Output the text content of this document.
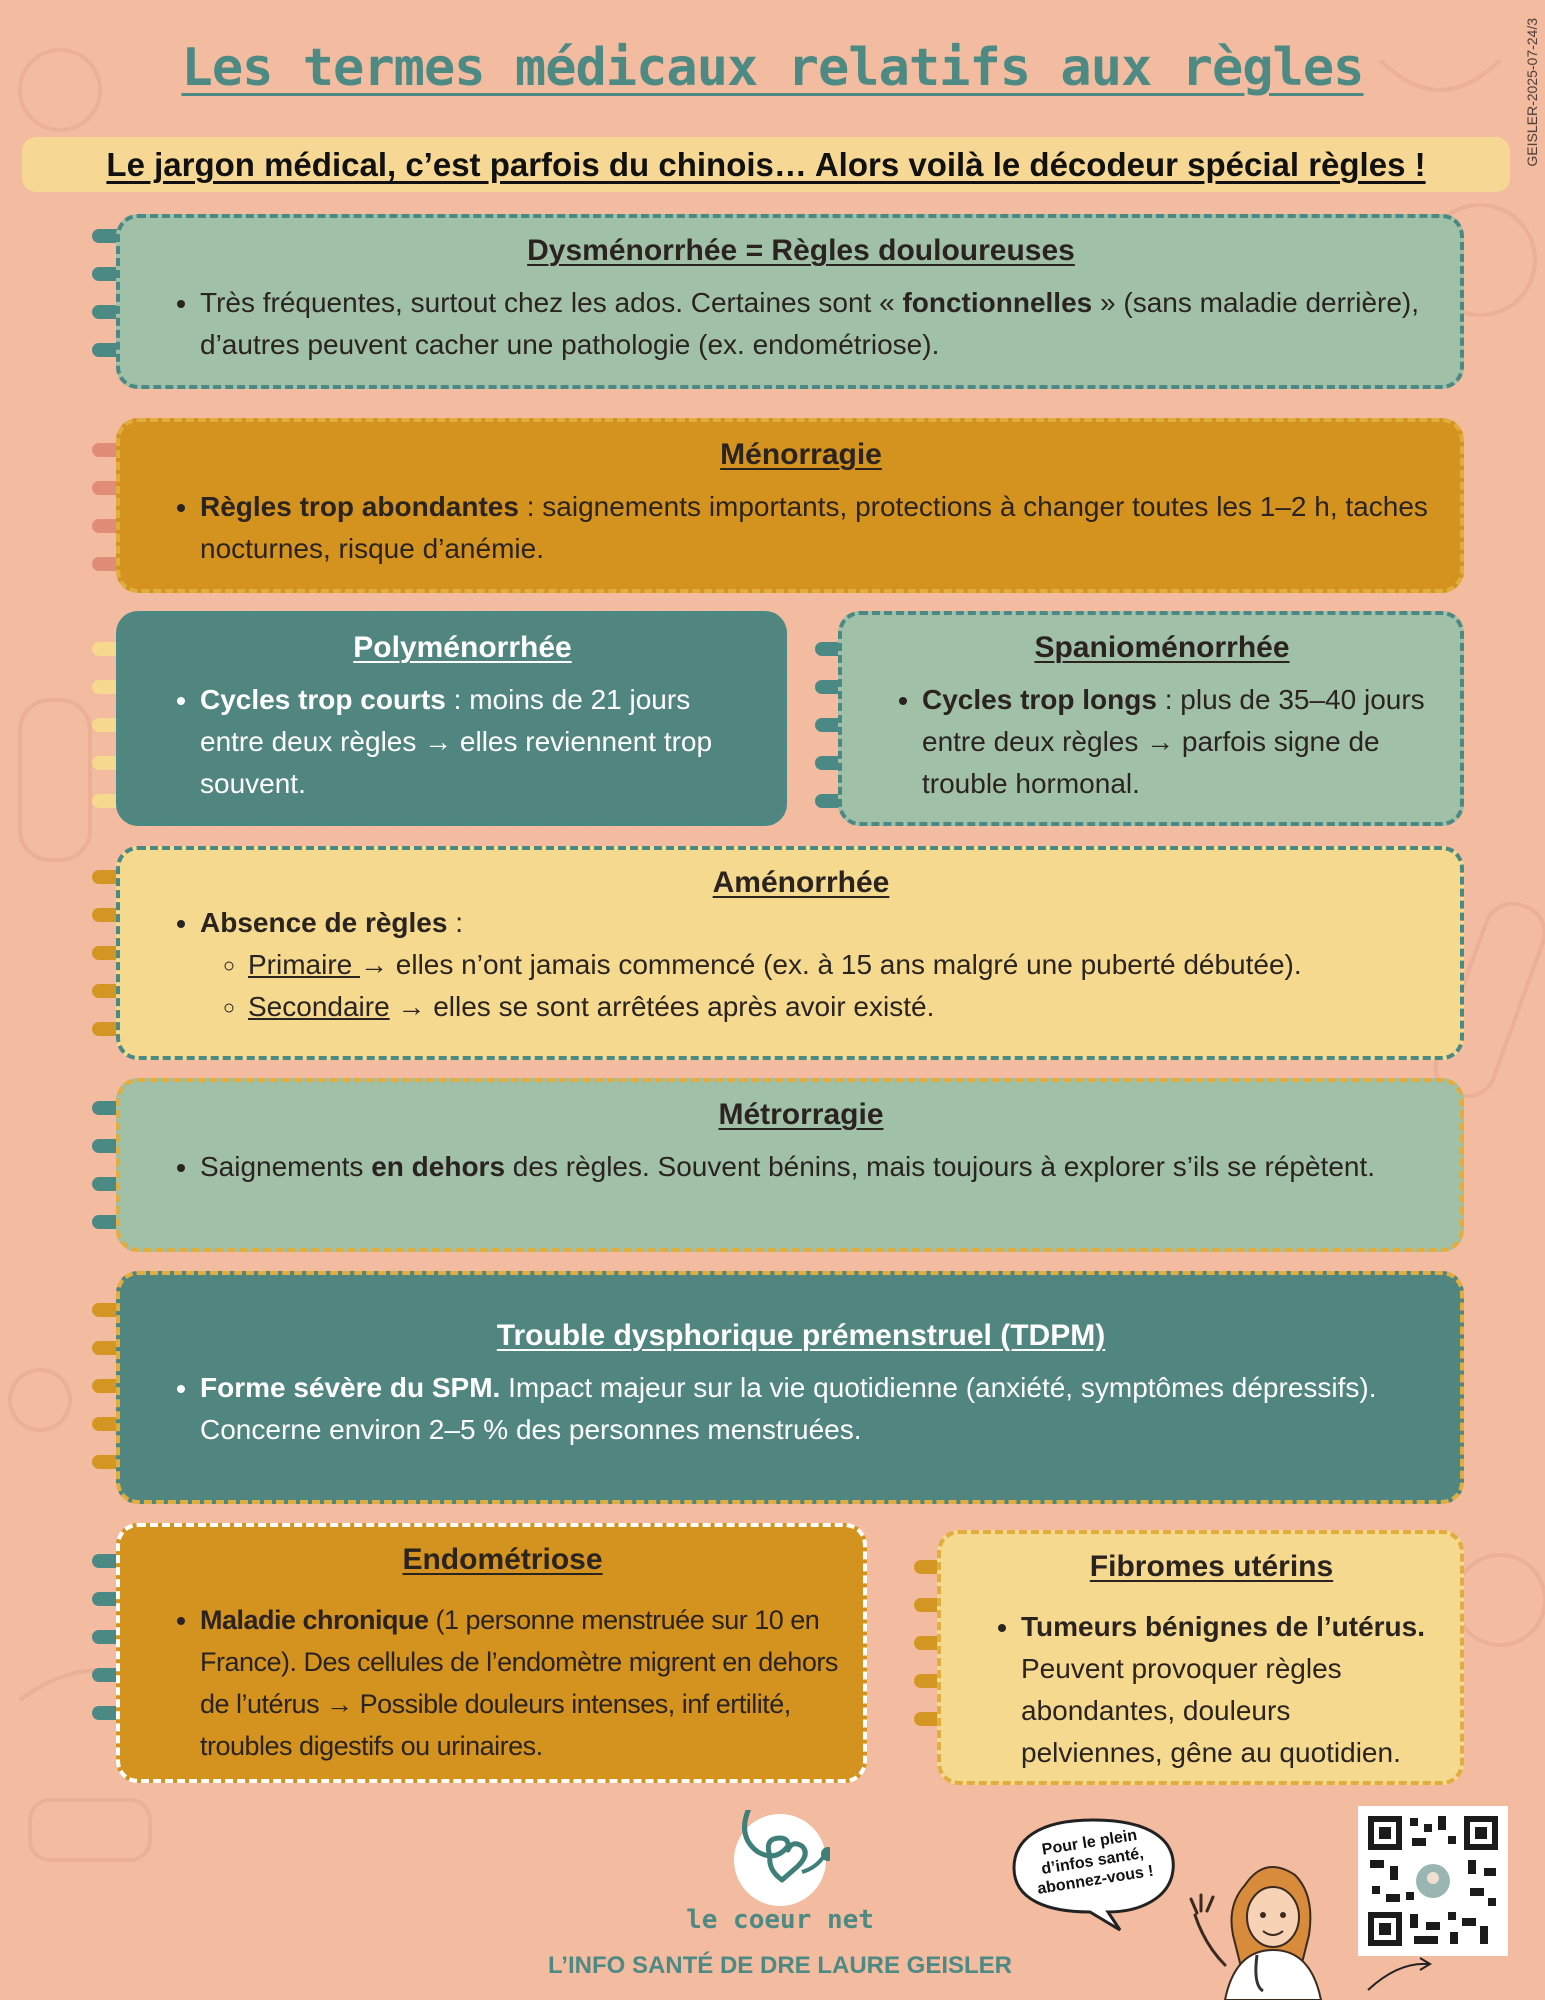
Les termes médicaux relatifs aux règles
Le jargon médical, c’est parfois du chinois… Alors voilà le décodeur spécial règles !	GEISLER-2025-07-24/3
Dysménorrhée = Règles douloureuses
• Très fréquentes, surtout chez les ados. Certaines sont « fonctionnelles » (sans maladie derrière), d’autres peuvent cacher une pathologie (ex. endométriose).
Ménorragie
• Règles trop abondantes : saignements importants, protections à changer toutes les 1–2 h, taches nocturnes, risque d’anémie.
Polyménorrhée
• Cycles trop courts : moins de 21 jours entre deux règles → elles reviennent trop souvent.
Spanioménorrhée
• Cycles trop longs : plus de 35–40 jours entre deux règles → parfois signe de trouble hormonal.
Aménorrhée
• Absence de règles :
◦ Primaire → elles n’ont jamais commencé (ex. à 15 ans malgré une puberté débutée).
◦ Secondaire → elles se sont arrêtées après avoir existé.
Métrorragie
• Saignements en dehors des règles. Souvent bénins, mais toujours à explorer s’ils se répètent.
Trouble dysphorique prémenstruel (TDPM)
• Forme sévère du SPM. Impact majeur sur la vie quotidienne (anxiété, symptômes dépressifs). Concerne environ 2–5 % des personnes menstruées.
Endométriose
• Maladie chronique (1 personne menstruée sur 10 en France). Des cellules de l’endomètre migrent en dehors de l’utérus → Possible douleurs intenses, inf ertilité, troubles digestifs ou urinaires.
Fibromes utérins
• Tumeurs bénignes de l’utérus. Peuvent provoquer règles abondantes, douleurs pelviennes, gêne au quotidien.
le coeur net
L’INFO SANTÉ DE DRE LAURE GEISLER
Pour le plein d’infos santé, abonnez-vous !
